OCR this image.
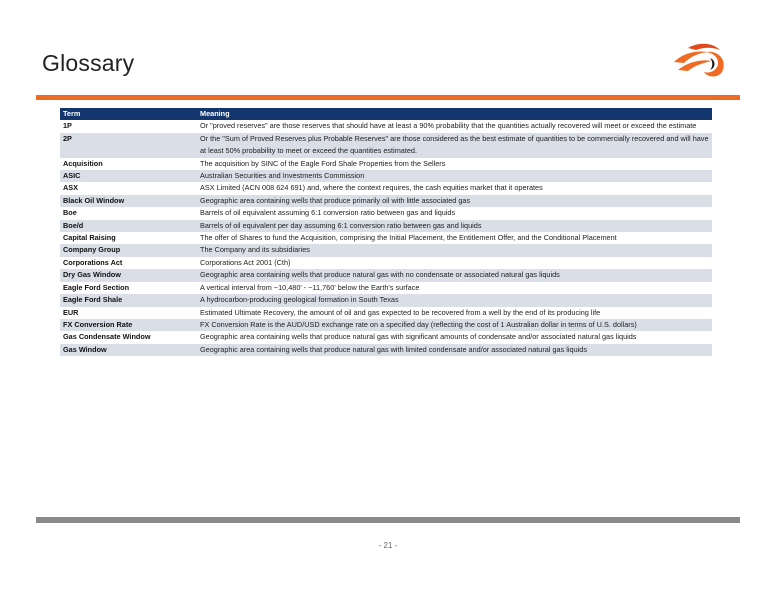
Glossary
Term	Meaning
1P	Or "proved reserves" are those reserves that should have at least a 90% probability that the quantities actually recovered will meet or exceed the estimate
2P	Or the "Sum of Proved Reserves plus Probable Reserves" are those considered as the best estimate of quantities to be commercially recovered and will have at least 50% probability to meet or exceed the quantities estimated.
Acquisition	The acquisition by SINC of the Eagle Ford Shale Properties from the Sellers
ASIC	Australian Securities and Investments Commission
ASX	ASX Limited (ACN 008 624 691) and, where the context requires, the cash equities market that it operates
Black Oil Window	Geographic area containing wells that produce primarily oil with little associated gas
Boe	Barrels of oil equivalent assuming 6:1 conversion ratio between gas and liquids
Boe/d	Barrels of oil equivalent per day assuming 6:1 conversion ratio between gas and liquids
Capital Raising	The offer of Shares to fund the Acquisition, comprising the Initial Placement, the Entitlement Offer, and the Conditional Placement
Company Group	The Company and its subsidiaries
Corporations Act	Corporations Act 2001 (Cth)
Dry Gas Window	Geographic area containing wells that produce natural gas with no condensate or associated natural gas liquids
Eagle Ford Section	A vertical interval from ~10,480' - ~11,760' below the Earth's surface
Eagle Ford Shale	A hydrocarbon-producing geological formation in South Texas
EUR	Estimated Ultimate Recovery, the amount of oil and gas expected to be recovered from a well by the end of its producing life
FX Conversion Rate	FX Conversion Rate is the AUD/USD exchange rate on a specified day (reflecting the cost of 1 Australian dollar in terms of U.S. dollars)
Gas Condensate Window	Geographic area containing wells that produce natural gas with significant amounts of condensate and/or associated natural gas liquids
Gas Window	Geographic area containing wells that produce natural gas with limited condensate and/or associated natural gas liquids
- 21 -
